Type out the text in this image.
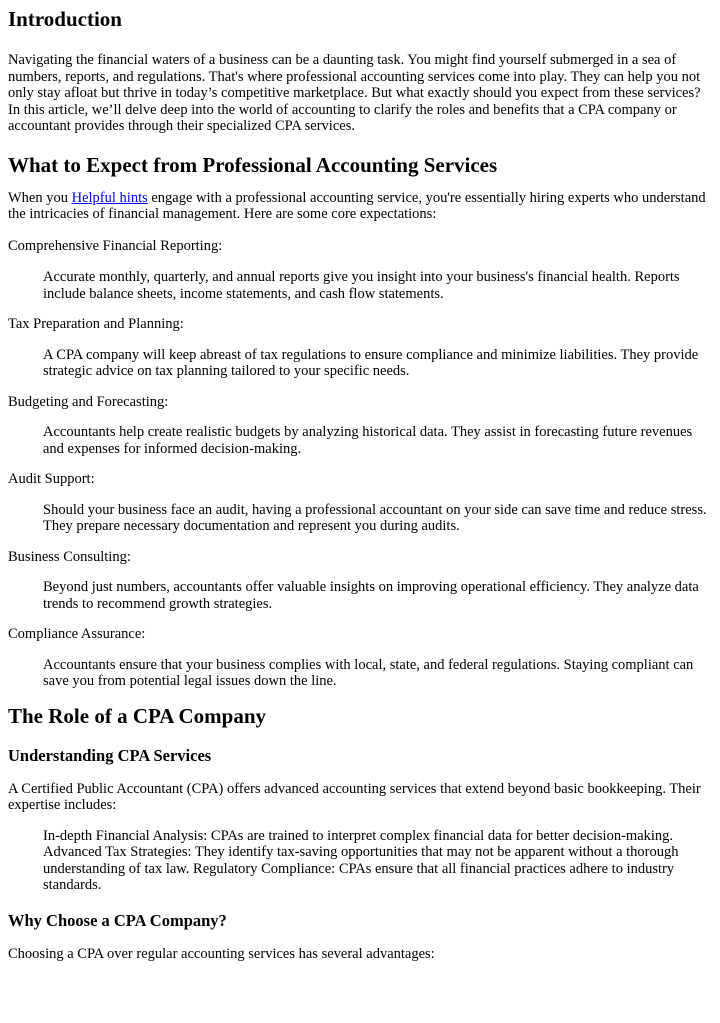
Introduction

Navigating the financial waters of a business can be a daunting task. You might find yourself submerged in a sea of numbers, reports, and regulations. That's where professional accounting services come into play. They can help you not only stay afloat but thrive in today’s competitive marketplace. But what exactly should you expect from these services? In this article, we’ll delve deep into the world of accounting to clarify the roles and benefits that a CPA company or accountant provides through their specialized CPA services.

What to Expect from Professional Accounting Services

When you Helpful hints engage with a professional accounting service, you're essentially hiring experts who understand the intricacies of financial management. Here are some core expectations:

Comprehensive Financial Reporting:

Accurate monthly, quarterly, and annual reports give you insight into your business's financial health. Reports include balance sheets, income statements, and cash flow statements.

Tax Preparation and Planning:

A CPA company will keep abreast of tax regulations to ensure compliance and minimize liabilities. They provide strategic advice on tax planning tailored to your specific needs.

Budgeting and Forecasting:

Accountants help create realistic budgets by analyzing historical data. They assist in forecasting future revenues and expenses for informed decision-making.

Audit Support:

Should your business face an audit, having a professional accountant on your side can save time and reduce stress. They prepare necessary documentation and represent you during audits.

Business Consulting:

Beyond just numbers, accountants offer valuable insights on improving operational efficiency. They analyze data trends to recommend growth strategies.

Compliance Assurance:

Accountants ensure that your business complies with local, state, and federal regulations. Staying compliant can save you from potential legal issues down the line.

The Role of a CPA Company
Understanding CPA Services

A Certified Public Accountant (CPA) offers advanced accounting services that extend beyond basic bookkeeping. Their expertise includes:

In-depth Financial Analysis: CPAs are trained to interpret complex financial data for better decision-making. Advanced Tax Strategies: They identify tax-saving opportunities that may not be apparent without a thorough understanding of tax law. Regulatory Compliance: CPAs ensure that all financial practices adhere to industry standards.

Why Choose a CPA Company?

Choosing a CPA over regular accounting services has several advantages:
